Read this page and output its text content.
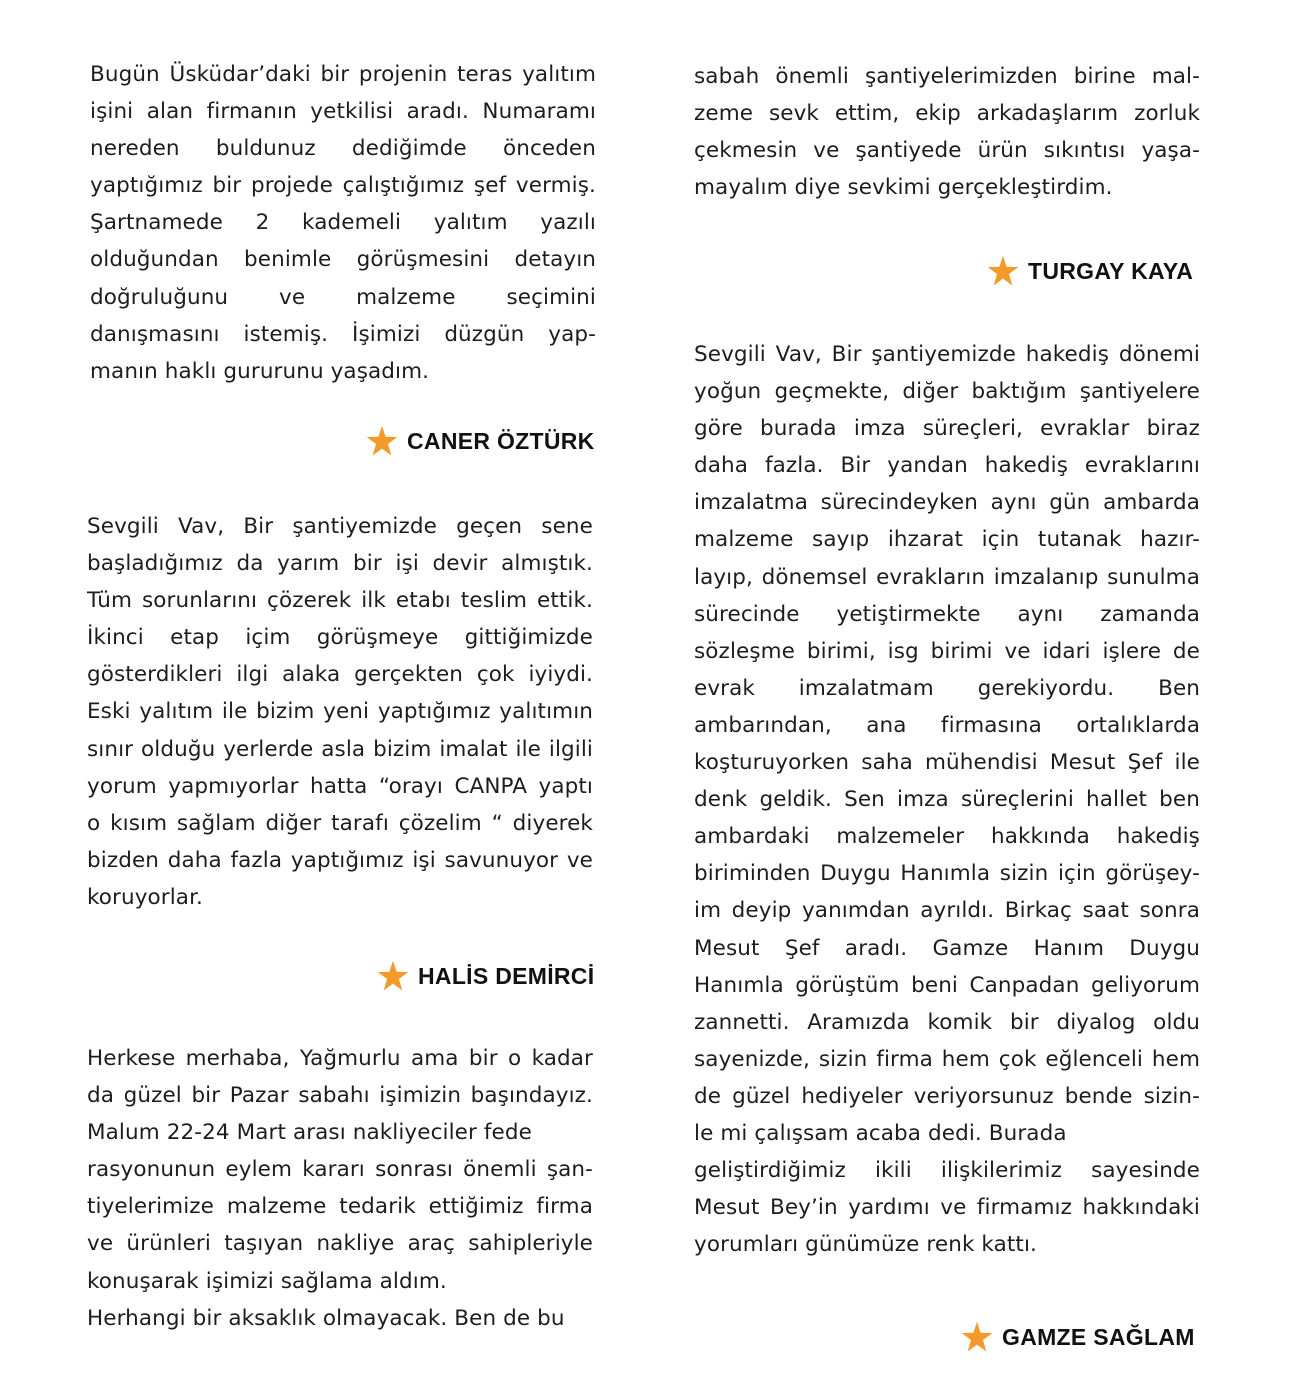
Bugün Üsküdar’daki bir projenin teras yalıtım
işini alan firmanın yetkilisi aradı. Numaramı
nereden buldunuz dediğimde önceden
yaptığımız bir projede çalıştığımız şef vermiş.
Şartnamede 2 kademeli yalıtım yazılı
olduğundan benimle görüşmesini detayın
doğruluğunu ve malzeme seçimini
danışmasını istemiş. İşimizi düzgün yap-
manın haklı gururunu yaşadım.
CANER ÖZTÜRK
Sevgili Vav, Bir şantiyemizde geçen sene
başladığımız da yarım bir işi devir almıştık.
Tüm sorunlarını çözerek ilk etabı teslim ettik.
İkinci etap içim görüşmeye gittiğimizde
gösterdikleri ilgi alaka gerçekten çok iyiydi.
Eski yalıtım ile bizim yeni yaptığımız yalıtımın
sınır olduğu yerlerde asla bizim imalat ile ilgili
yorum yapmıyorlar hatta “orayı CANPA yaptı
o kısım sağlam diğer tarafı çözelim “ diyerek
bizden daha fazla yaptığımız işi savunuyor ve
koruyorlar.
HALİS DEMİRCİ
Herkese merhaba, Yağmurlu ama bir o kadar
da güzel bir Pazar sabahı işimizin başındayız.
Malum 22-24 Mart arası nakliyeciler fede
rasyonunun eylem kararı sonrası önemli şan-
tiyelerimize malzeme tedarik ettiğimiz firma
ve ürünleri taşıyan nakliye araç sahipleriyle
konuşarak işimizi sağlama aldım.
Herhangi bir aksaklık olmayacak. Ben de bu
sabah önemli şantiyelerimizden birine mal-
zeme sevk ettim, ekip arkadaşlarım zorluk
çekmesin ve şantiyede ürün sıkıntısı yaşa-
mayalım diye sevkimi gerçekleştirdim.
TURGAY KAYA
Sevgili Vav, Bir şantiyemizde hakediş dönemi
yoğun geçmekte, diğer baktığım şantiyelere
göre burada imza süreçleri, evraklar biraz
daha fazla. Bir yandan hakediş evraklarını
imzalatma sürecindeyken aynı gün ambarda
malzeme sayıp ihzarat için tutanak hazır-
layıp, dönemsel evrakların imzalanıp sunulma
sürecinde yetiştirmekte aynı zamanda
sözleşme birimi, isg birimi ve idari işlere de
evrak imzalatmam gerekiyordu. Ben
ambarından, ana firmasına ortalıklarda
koşturuyorken saha mühendisi Mesut Şef ile
denk geldik. Sen imza süreçlerini hallet ben
ambardaki malzemeler hakkında hakediş
biriminden Duygu Hanımla sizin için görüşey-
im deyip yanımdan ayrıldı. Birkaç saat sonra
Mesut Şef aradı. Gamze Hanım Duygu
Hanımla görüştüm beni Canpadan geliyorum
zannetti. Aramızda komik bir diyalog oldu
sayenizde, sizin firma hem çok eğlenceli hem
de güzel hediyeler veriyorsunuz bende sizin-
le mi çalışsam acaba dedi. Burada
geliştirdiğimiz ikili ilişkilerimiz sayesinde
Mesut Bey’in yardımı ve firmamız hakkındaki
yorumları günümüze renk kattı.
GAMZE SAĞLAM
